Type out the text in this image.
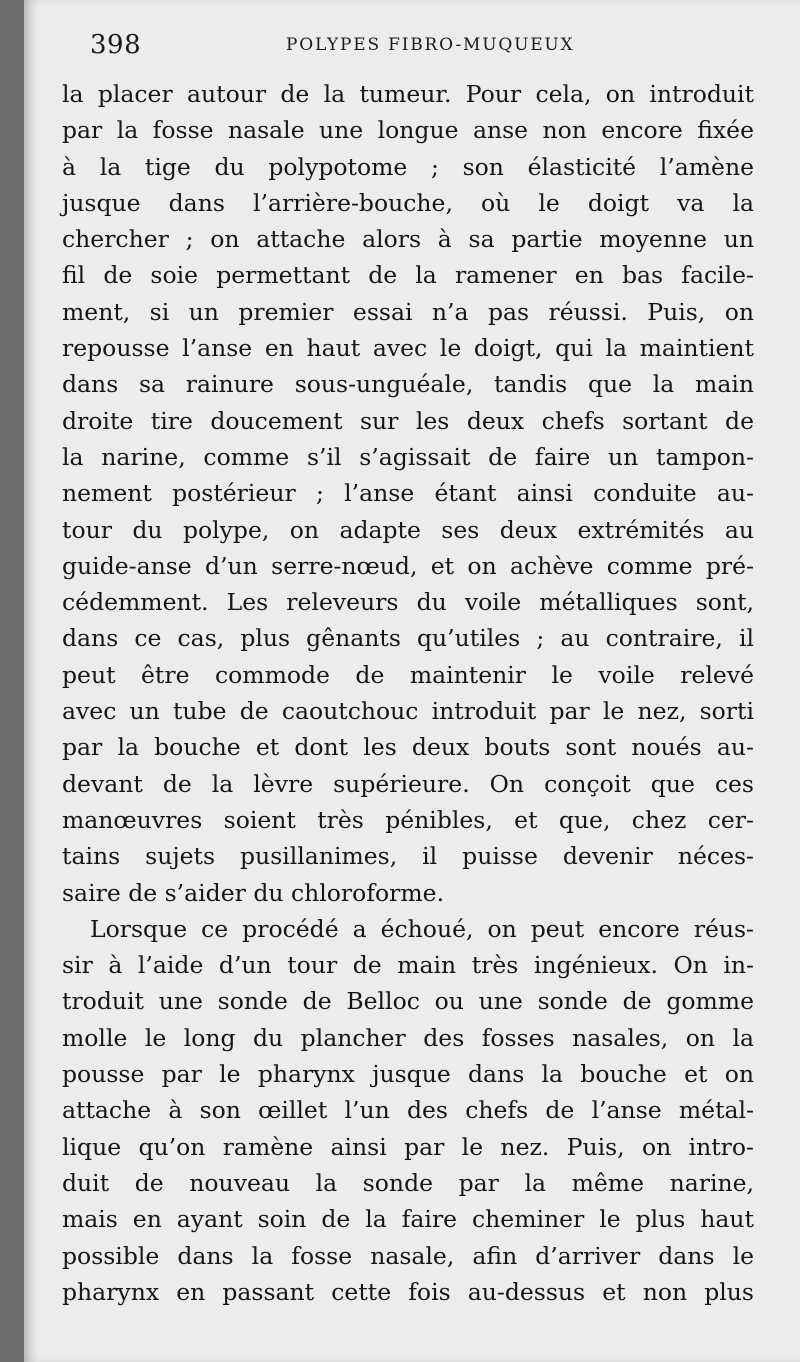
398	POLYPES FIBRO-MUQUEUX
la placer autour de la tumeur. Pour cela, on introduit
par la fosse nasale une longue anse non encore fixée
à la tige du polypotome ; son élasticité l’amène
jusque dans l’arrière-bouche, où le doigt va la
chercher ; on attache alors à sa partie moyenne un
fil de soie permettant de la ramener en bas facile-
ment, si un premier essai n’a pas réussi. Puis, on
repousse l’anse en haut avec le doigt, qui la maintient
dans sa rainure sous-unguéale, tandis que la main
droite tire doucement sur les deux chefs sortant de
la narine, comme s’il s’agissait de faire un tampon-
nement postérieur ; l’anse étant ainsi conduite au-
tour du polype, on adapte ses deux extrémités au
guide-anse d’un serre-nœud, et on achève comme pré-
cédemment. Les releveurs du voile métalliques sont,
dans ce cas, plus gênants qu’utiles ; au contraire, il
peut être commode de maintenir le voile relevé
avec un tube de caoutchouc introduit par le nez, sorti
par la bouche et dont les deux bouts sont noués au-
devant de la lèvre supérieure. On conçoit que ces
manœuvres soient très pénibles, et que, chez cer-
tains sujets pusillanimes, il puisse devenir néces-
saire de s’aider du chloroforme.
Lorsque ce procédé a échoué, on peut encore réus-
sir à l’aide d’un tour de main très ingénieux. On in-
troduit une sonde de Belloc ou une sonde de gomme
molle le long du plancher des fosses nasales, on la
pousse par le pharynx jusque dans la bouche et on
attache à son œillet l’un des chefs de l’anse métal-
lique qu’on ramène ainsi par le nez. Puis, on intro-
duit de nouveau la sonde par la même narine,
mais en ayant soin de la faire cheminer le plus haut
possible dans la fosse nasale, afin d’arriver dans le
pharynx en passant cette fois au-dessus et non plus
